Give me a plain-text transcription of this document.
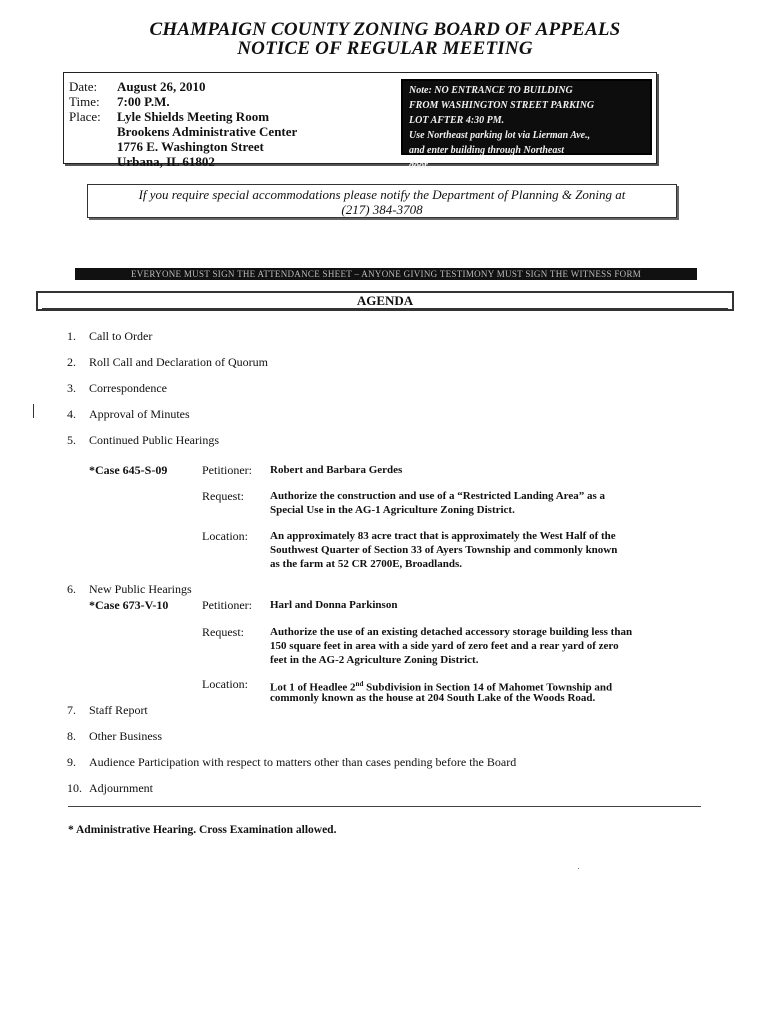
CHAMPAIGN COUNTY ZONING BOARD OF APPEALS
NOTICE OF REGULAR MEETING
Date:	August 26, 2010
Time:	7:00 P.M.
Place:	Lyle Shields Meeting Room
Brookens Administrative Center
1776 E. Washington Street
Urbana, IL 61802
Note: NO ENTRANCE TO BUILDING
FROM WASHINGTON STREET PARKING
LOT AFTER 4:30 PM.
Use Northeast parking lot via Lierman Ave.,
and enter building through Northeast
door.
If you require special accommodations please notify the Department of Planning & Zoning at
(217) 384-3708
EVERYONE MUST SIGN THE ATTENDANCE SHEET – ANYONE GIVING TESTIMONY MUST SIGN THE WITNESS FORM
AGENDA
1. Call to Order
2. Roll Call and Declaration of Quorum
3. Correspondence
4. Approval of Minutes
5. Continued Public Hearings
*Case 645-S-09	Petitioner: Robert and Barbara Gerdes
Request: Authorize the construction and use of a “Restricted Landing Area” as a
Special Use in the AG-1 Agriculture Zoning District.
Location: An approximately 83 acre tract that is approximately the West Half of the
Southwest Quarter of Section 33 of Ayers Township and commonly known
as the farm at 52 CR 2700E, Broadlands.
6. New Public Hearings
*Case 673-V-10	Petitioner: Harl and Donna Parkinson
Request: Authorize the use of an existing detached accessory storage building less than
150 square feet in area with a side yard of zero feet and a rear yard of zero
feet in the AG-2 Agriculture Zoning District.
Location: Lot 1 of Headlee 2nd Subdivision in Section 14 of Mahomet Township and
commonly known as the house at 204 South Lake of the Woods Road.
7. Staff Report
8. Other Business
9. Audience Participation with respect to matters other than cases pending before the Board
10. Adjournment
* Administrative Hearing. Cross Examination allowed.
